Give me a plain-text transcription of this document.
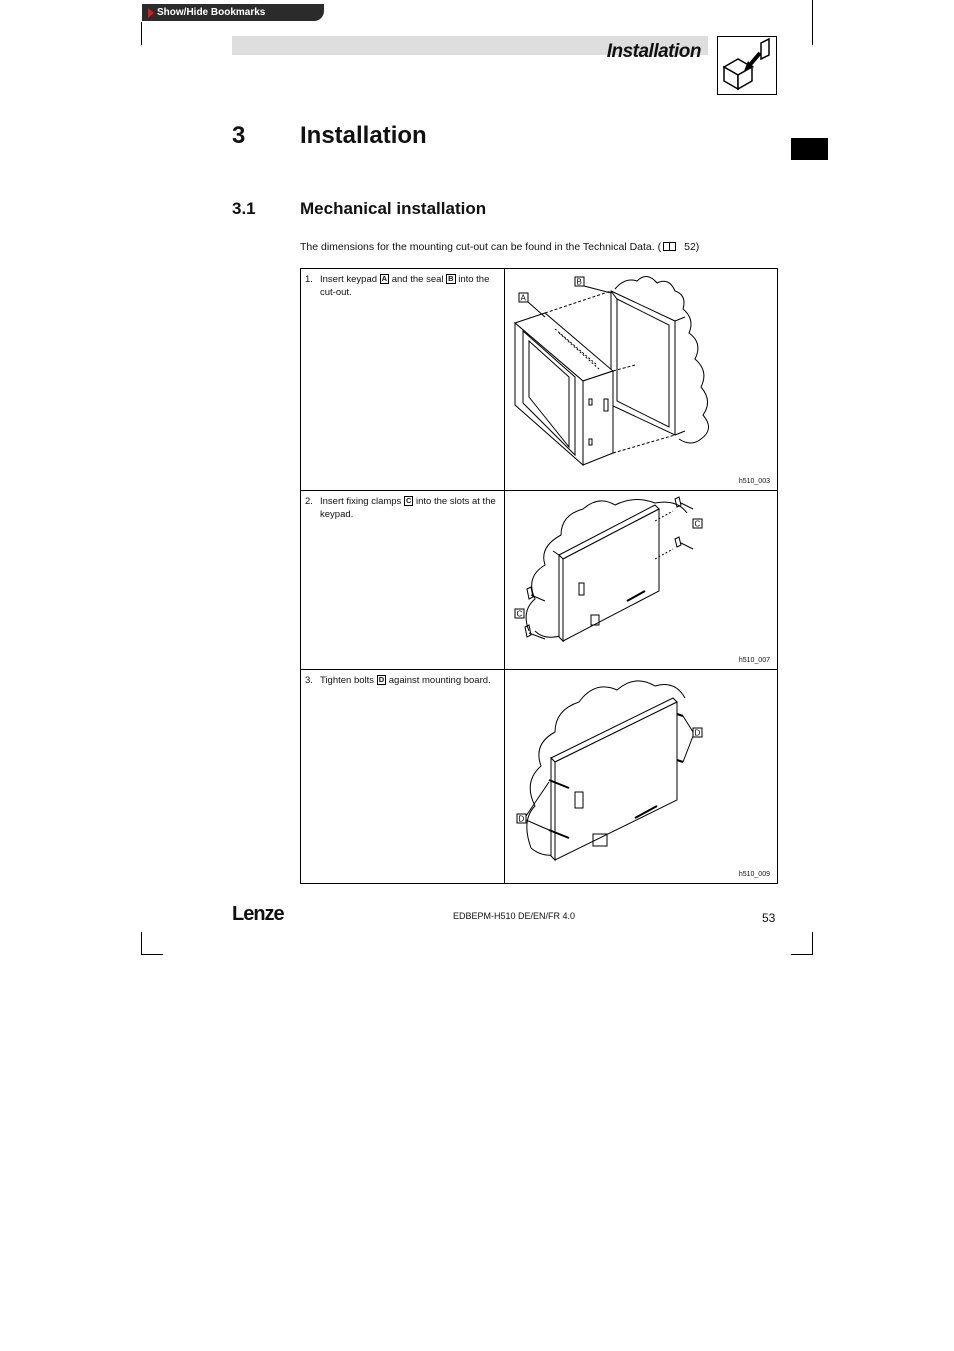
Show/Hide Bookmarks
Installation
3 Installation
3.1	Mechanical installation
The dimensions for the mounting cut-out can be found in the Technical Data. ( 52)
1. Insert keypad A and the seal B into the cut-out.	A
B
h510_003

2. Insert fixing clamps C into the slots at the keypad.	C
C
h510_007

3. Tighten bolts D against mounting board.	D
D
h510_009
Lenze	EDBEPM-H510 DE/EN/FR 4.0	53
